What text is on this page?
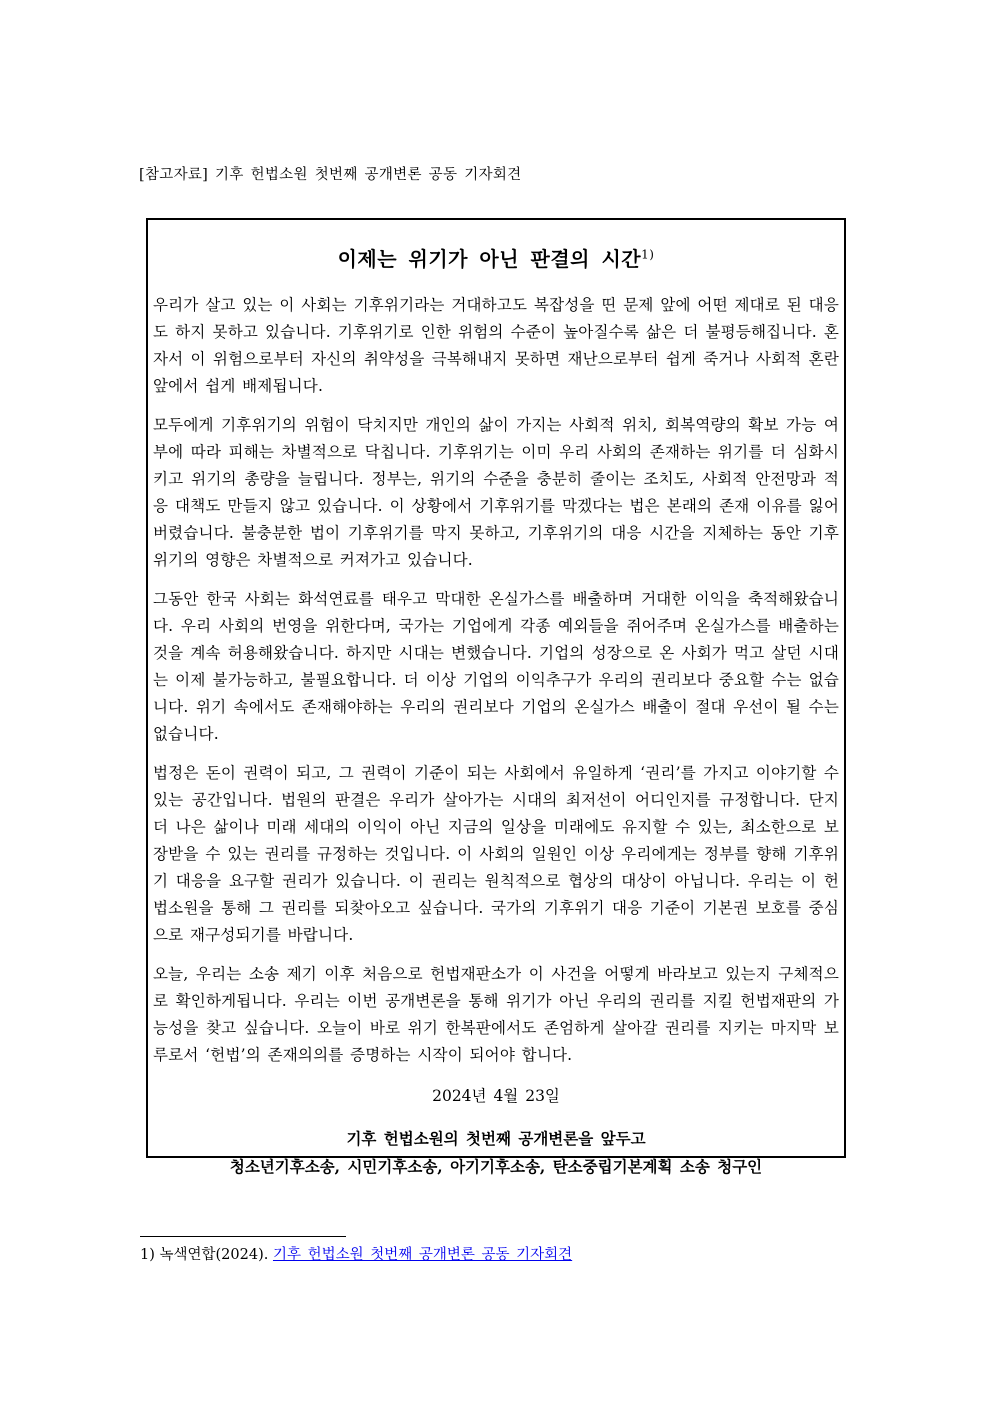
[참고자료] 기후 헌법소원 첫번째 공개변론 공동 기자회견
이제는 위기가 아닌 판결의 시간$^{1)}$

우리가 살고 있는 이 사회는 기후위기라는 거대하고도 복잡성을 띤 문제 앞에 어떤 제대로 된 대응도 하지 못하고 있습니다. 기후위기로 인한 위험의 수준이 높아질수록 삶은 더 불평등해집니다. 혼자서 이 위험으로부터 자신의 취약성을 극복해내지 못하면 재난으로부터 쉽게 죽거나 사회적 혼란 앞에서 쉽게 배제됩니다.

모두에게 기후위기의 위험이 닥치지만 개인의 삶이 가지는 사회적 위치, 회복역량의 확보 가능 여부에 따라 피해는 차별적으로 닥칩니다. 기후위기는 이미 우리 사회의 존재하는 위기를 더 심화시키고 위기의 총량을 늘립니다. 정부는, 위기의 수준을 충분히 줄이는 조치도, 사회적 안전망과 적응 대책도 만들지 않고 있습니다. 이 상황에서 기후위기를 막겠다는 법은 본래의 존재 이유를 잃어버렸습니다. 불충분한 법이 기후위기를 막지 못하고, 기후위기의 대응 시간을 지체하는 동안 기후위기의 영향은 차별적으로 커져가고 있습니다.

그동안 한국 사회는 화석연료를 태우고 막대한 온실가스를 배출하며 거대한 이익을 축적해왔습니다. 우리 사회의 번영을 위한다며, 국가는 기업에게 각종 예외들을 쥐어주며 온실가스를 배출하는 것을 계속 허용해왔습니다. 하지만 시대는 변했습니다. 기업의 성장으로 온 사회가 먹고 살던 시대는 이제 불가능하고, 불필요합니다. 더 이상 기업의 이익추구가 우리의 권리보다 중요할 수는 없습니다. 위기 속에서도 존재해야하는 우리의 권리보다 기업의 온실가스 배출이 절대 우선이 될 수는 없습니다.

법정은 돈이 권력이 되고, 그 권력이 기준이 되는 사회에서 유일하게 ‘권리’를 가지고 이야기할 수 있는 공간입니다. 법원의 판결은 우리가 살아가는 시대의 최저선이 어디인지를 규정합니다. 단지 더 나은 삶이나 미래 세대의 이익이 아닌 지금의 일상을 미래에도 유지할 수 있는, 최소한으로 보장받을 수 있는 권리를 규정하는 것입니다. 이 사회의 일원인 이상 우리에게는 정부를 향해 기후위기 대응을 요구할 권리가 있습니다. 이 권리는 원칙적으로 협상의 대상이 아닙니다. 우리는 이 헌법소원을 통해 그 권리를 되찾아오고 싶습니다. 국가의 기후위기 대응 기준이 기본권 보호를 중심으로 재구성되기를 바랍니다.

오늘, 우리는 소송 제기 이후 처음으로 헌법재판소가 이 사건을 어떻게 바라보고 있는지 구체적으로 확인하게됩니다. 우리는 이번 공개변론을 통해 위기가 아닌 우리의 권리를 지킬 헌법재판의 가능성을 찾고 싶습니다. 오늘이 바로 위기 한복판에서도 존엄하게 살아갈 권리를 지키는 마지막 보루로서 ‘헌법’의 존재의의를 증명하는 시작이 되어야 합니다.

2024년 4월 23일
기후 헌법소원의 첫번째 공개변론을 앞두고
청소년기후소송, 시민기후소송, 아기기후소송, 탄소중립기본계획 소송 청구인
1) 녹색연합(2024). 기후 헌법소원 첫번째 공개변론 공동 기자회견
